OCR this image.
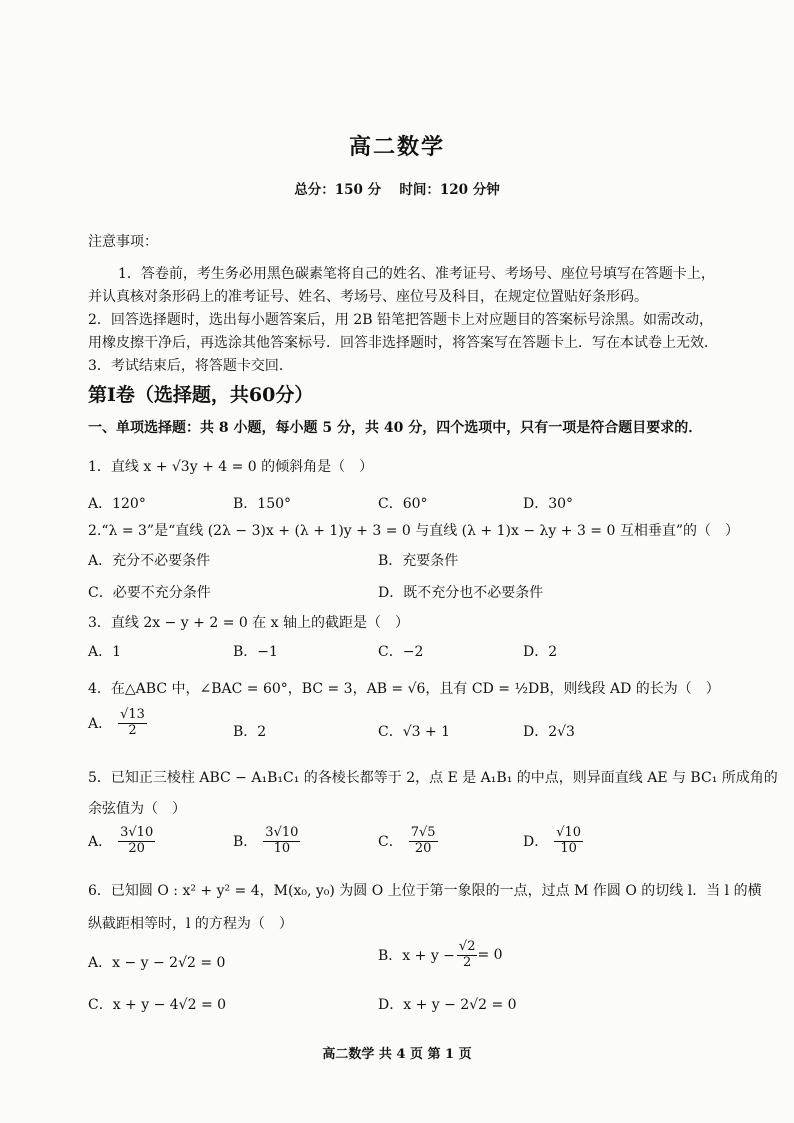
高二数学
总分：150 分　 时间：120 分钟
注意事项：
1．答卷前，考生务必用黑色碳素笔将自己的姓名、准考证号、考场号、座位号填写在答题卡上，
并认真核对条形码上的准考证号、姓名、考场号、座位号及科目，在规定位置贴好条形码。
2．回答选择题时，选出每小题答案后，用 2B 铅笔把答题卡上对应题目的答案标号涂黑。如需改动，
用橡皮擦干净后，再选涂其他答案标号．回答非选择题时，将答案写在答题卡上．写在本试卷上无效．
3．考试结束后，将答题卡交回．
第Ⅰ卷（选择题，共60分）
一、单项选择题：共 8 小题，每小题 5 分，共 40 分，四个选项中，只有一项是符合题目要求的．
1．直线 x + √3y + 4 = 0 的倾斜角是（　）
A．120°	B．150°	C．60°	D．30°
2.“λ = 3”是“直线 (2λ − 3)x + (λ + 1)y + 3 = 0 与直线 (λ + 1)x − λy + 3 = 0 互相垂直”的（　）
A．充分不必要条件	B．充要条件
C．必要不充分条件	D．既不充分也不必要条件
3．直线 2x − y + 2 = 0 在 x 轴上的截距是（　）
A．1	B．−1	C．−2	D．2
4．在△ABC 中，∠BAC = 60°，BC = 3，AB = √6，且有 CD = ½DB，则线段 AD 的长为（　）
A． $\frac{√13}{2}$	B．2	C．√3 + 1	D．2√3
5．已知正三棱柱 ABC − A₁B₁C₁ 的各棱长都等于 2，点 E 是 A₁B₁ 的中点，则异面直线 AE 与 BC₁ 所成角的
余弦值为（　）
A． $\frac{3√10}{20}$	B． $\frac{3√10}{10}$	C． $\frac{7√5}{20}$	D． $\frac{√10}{10}$
6．已知圆 O : x² + y² = 4，M(x₀, y₀) 为圆 O 上位于第一象限的一点，过点 M 作圆 O 的切线 l．当 l 的横
纵截距相等时，l 的方程为（　）
A．x − y − 2√2 = 0	B．$x + y - \frac{√2}{2} = 0$
C．x + y − 4√2 = 0	D．x + y − 2√2 = 0
高二数学 共 4 页 第 1 页
